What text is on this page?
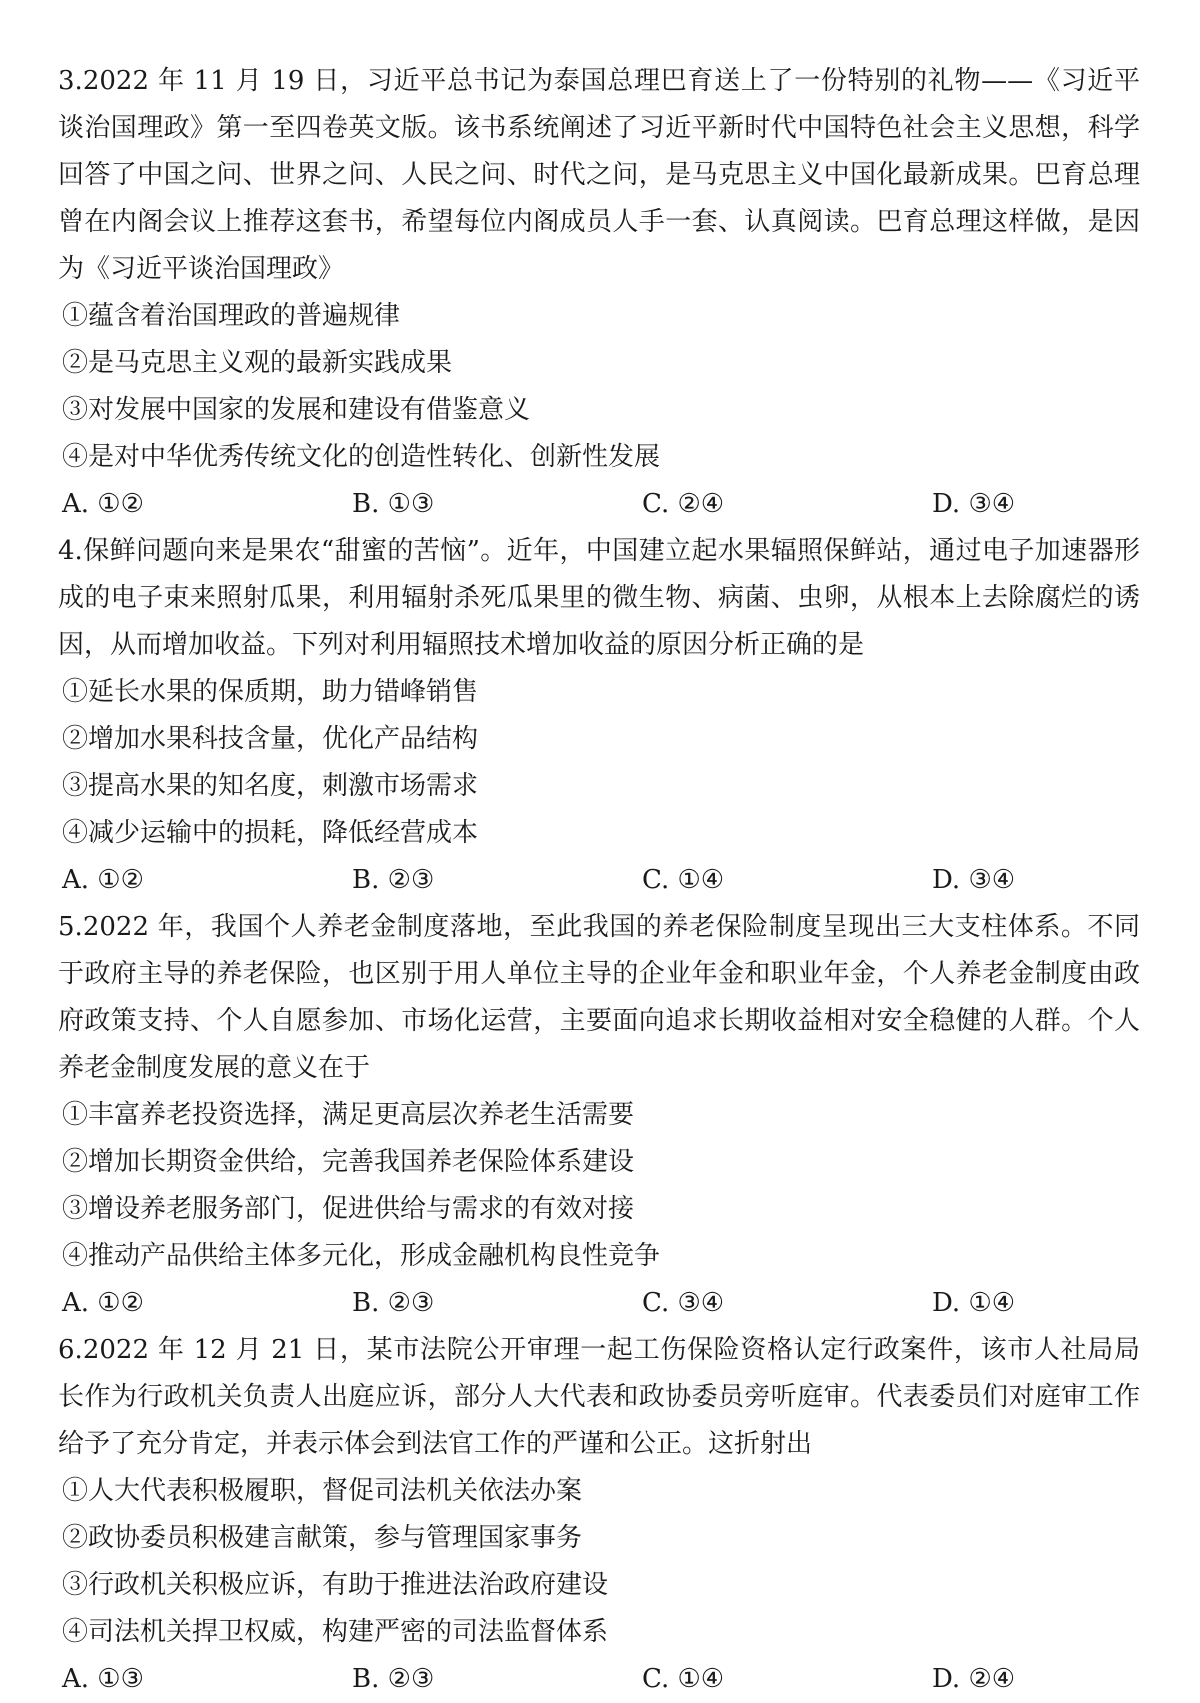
3.2022 年 11 月 19 日，习近平总书记为泰国总理巴育送上了一份特别的礼物——《习近平谈治国理政》第一至四卷英文版。该书系统阐述了习近平新时代中国特色社会主义思想，科学回答了中国之问、世界之问、人民之问、时代之问，是马克思主义中国化最新成果。巴育总理曾在内阁会议上推荐这套书，希望每位内阁成员人手一套、认真阅读。巴育总理这样做，是因为《习近平谈治国理政》

①蕴含着治国理政的普遍规律

②是马克思主义观的最新实践成果

③对发展中国家的发展和建设有借鉴意义

④是对中华优秀传统文化的创造性转化、创新性发展

A. ①②	B. ①③	C. ②④	D. ③④

4.保鲜问题向来是果农“甜蜜的苦恼”。近年，中国建立起水果辐照保鲜站，通过电子加速器形成的电子束来照射瓜果，利用辐射杀死瓜果里的微生物、病菌、虫卵，从根本上去除腐烂的诱因，从而增加收益。下列对利用辐照技术增加收益的原因分析正确的是

①延长水果的保质期，助力错峰销售

②增加水果科技含量，优化产品结构

③提高水果的知名度，刺激市场需求

④减少运输中的损耗，降低经营成本

A. ①②	B. ②③	C. ①④	D. ③④

5.2022 年，我国个人养老金制度落地，至此我国的养老保险制度呈现出三大支柱体系。不同于政府主导的养老保险，也区别于用人单位主导的企业年金和职业年金，个人养老金制度由政府政策支持、个人自愿参加、市场化运营，主要面向追求长期收益相对安全稳健的人群。个人养老金制度发展的意义在于

①丰富养老投资选择，满足更高层次养老生活需要

②增加长期资金供给，完善我国养老保险体系建设

③增设养老服务部门，促进供给与需求的有效对接

④推动产品供给主体多元化，形成金融机构良性竞争

A. ①②	B. ②③	C. ③④	D. ①④

6.2022 年 12 月 21 日，某市法院公开审理一起工伤保险资格认定行政案件，该市人社局局长作为行政机关负责人出庭应诉，部分人大代表和政协委员旁听庭审。代表委员们对庭审工作给予了充分肯定，并表示体会到法官工作的严谨和公正。这折射出

①人大代表积极履职，督促司法机关依法办案

②政协委员积极建言献策，参与管理国家事务

③行政机关积极应诉，有助于推进法治政府建设

④司法机关捍卫权威，构建严密的司法监督体系

A. ①③	B. ②③	C. ①④	D. ②④
